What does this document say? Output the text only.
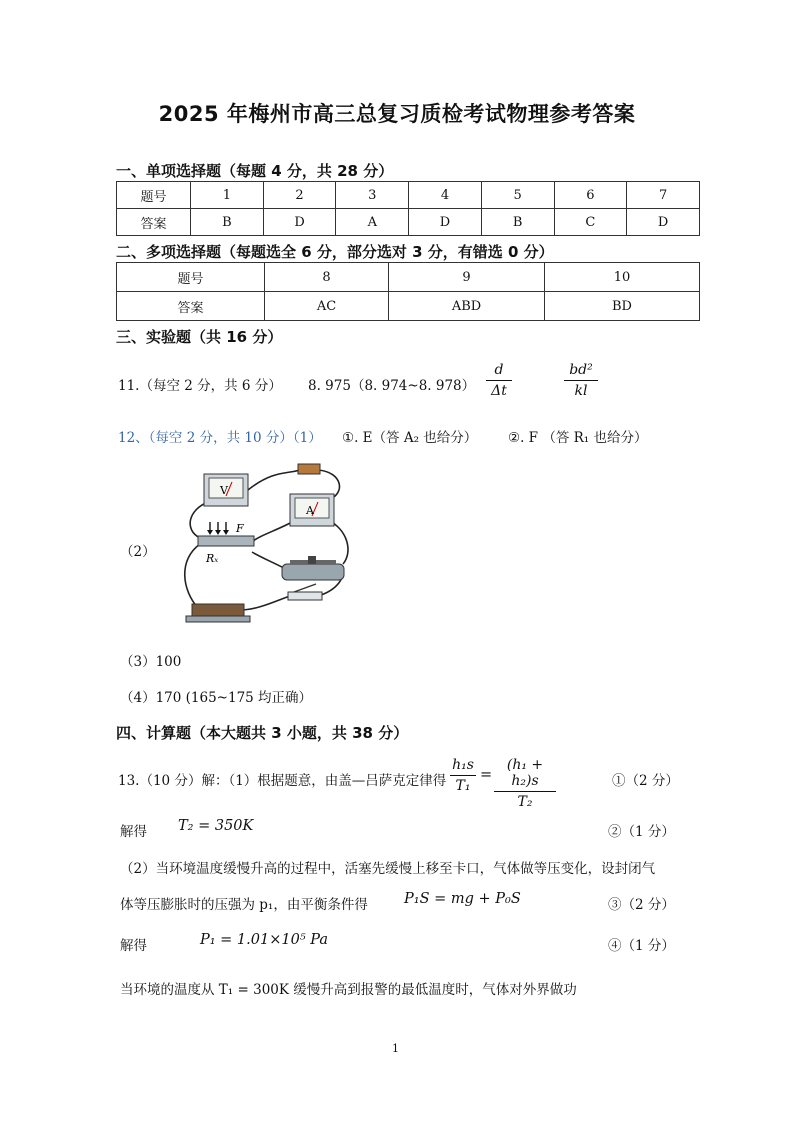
2025 年梅州市高三总复习质检考试物理参考答案
一、单项选择题（每题 4 分，共 28 分）
题号	1	2	3	4	5	6	7
答案	B	D	A	D	B	C	D
二、多项选择题（每题选全 6 分，部分选对 3 分，有错选 0 分）
题号	8	9	10
答案	AC	ABD	BD
三、实验题（共 16 分）
11.（每空 2 分，共 6 分） 8. 975（8. 974~8. $978) \frac{d}{\Delta t}$	$\frac{\text{bd²}}{kl}$
12、（每空 2 分，共 10 分）（1） ①. E（答 A₂ 也给分） ②. F （答 R₁ 也给分）
（2）
V
A
F
Rₓ
（3）100
（4）170 (165~175 均正确）
四、计算题（本大题共 3 小题，共 38 分）
13.（10 分）解：（1）根据题意，由盖—吕萨克定律得 $\frac{\text{h₁s}}{\text{T₁}} = \frac{\text{(h₁ + h₂)s}}{\text{T₂}}$	①（2 分）
解得 T₂ = 350K	②（1 分）
（2）当环境温度缓慢升高的过程中，活塞先缓慢上移至卡口，气体做等压变化，设封闭气
体等压膨胀时的压强为 p₁，由平衡条件得 P₁S = mg + P₀S	③（2 分）
解得	P₁ = 1.01×10⁵ Pa	④（1 分）
当环境的温度从 T₁ = 300K 缓慢升高到报警的最低温度时，气体对外界做功
1
